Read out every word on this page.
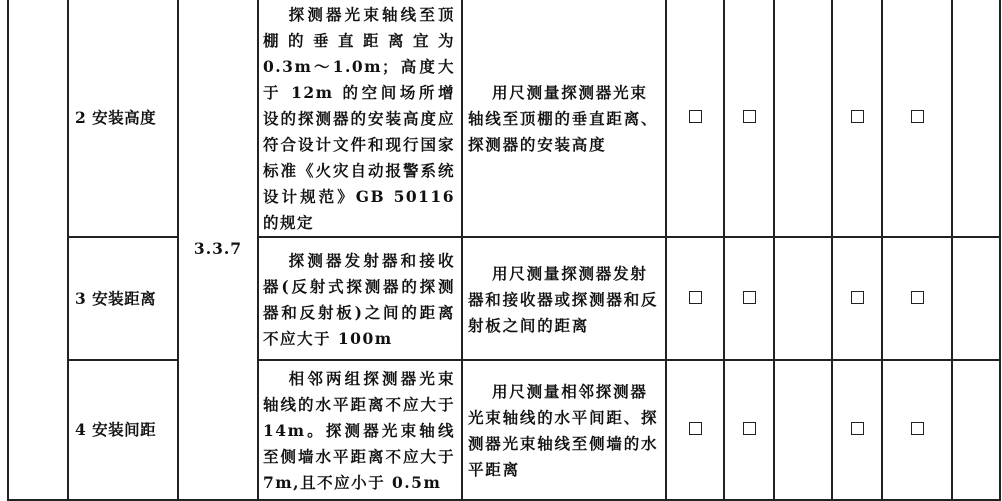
	2 安装高度	3.3.7	探测器光束轴线至顶棚的垂直距离宜为 0.3m～1.0m；高度大于 12m 的空间场所增设的探测器的安装高度应符合设计文件和现行国家标准《火灾自动报警系统设计规范》GB 50116 的规定	用尺测量探测器光束轴线至顶棚的垂直距离、探测器的安装高度						
	3 安装距离		探测器发射器和接收器(反射式探测器的探测器和反射板)之间的距离不应大于 100m	用尺测量探测器发射器和接收器或探测器和反射板之间的距离						
	4 安装间距		相邻两组探测器光束轴线的水平距离不应大于 14m。探测器光束轴线至侧墙水平距离不应大于7m,且不应小于 0.5m	用尺测量相邻探测器光束轴线的水平间距、探测器光束轴线至侧墙的水平距离						
